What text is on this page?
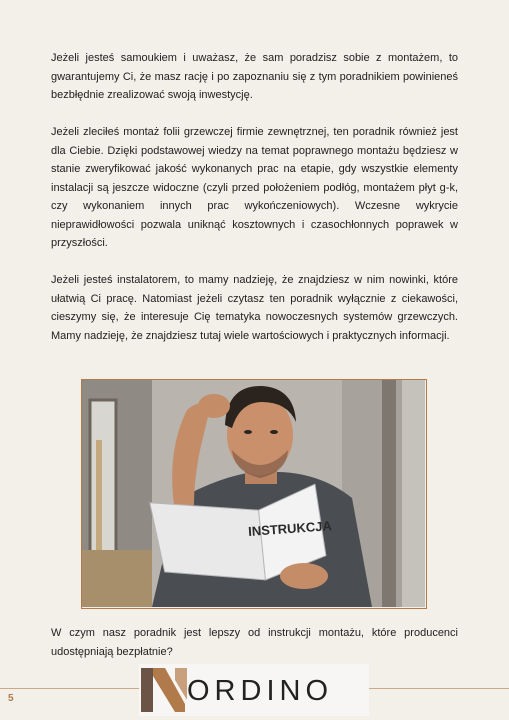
Jeżeli jesteś samoukiem i uważasz, że sam poradzisz sobie z montażem, to gwarantujemy Ci, że masz rację i po zapoznaniu się z tym poradnikiem powinieneś bezbłędnie zrealizować swoją inwestycję.

Jeżeli zleciłeś montaż folii grzewczej firmie zewnętrznej, ten poradnik również jest dla Ciebie. Dzięki podstawowej wiedzy na temat poprawnego montażu będziesz w stanie zweryfikować jakość wykonanych prac na etapie, gdy wszystkie elementy instalacji są jeszcze widoczne (czyli przed położeniem podłóg, montażem płyt g-k, czy wykonaniem innych prac wykończeniowych). Wczesne wykrycie nieprawidłowości pozwala uniknąć kosztownych i czasochłonnych poprawek w przyszłości.

Jeżeli jesteś instalatorem, to mamy nadzieję, że znajdziesz w nim nowinki, które ułatwią Ci pracę. Natomiast jeżeli czytasz ten poradnik wyłącznie z ciekawości, cieszymy się, że interesuje Cię tematyka nowoczesnych systemów grzewczych. Mamy nadzieję, że znajdziesz tutaj wiele wartościowych i praktycznych informacji.

INSTRUKCJA

W czym nasz poradnik jest lepszy od instrukcji montażu, które producenci udostępniają bezpłatnie?

5	ORDINO
